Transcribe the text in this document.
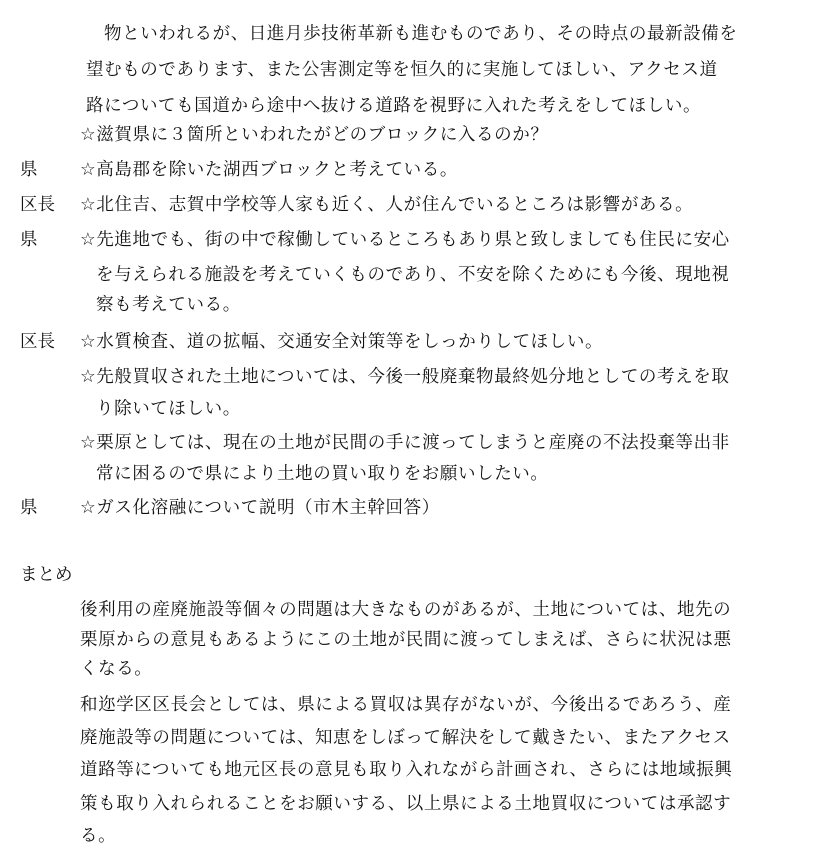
物といわれるが、日進月歩技術革新も進むものであり、その時点の最新設備を
望むものであります、また公害測定等を恒久的に実施してほしい、アクセス道
路についても国道から途中へ抜ける道路を視野に入れた考えをしてほしい。
☆滋賀県に３箇所といわれたがどのブロックに入るのか？
県 ☆高島郡を除いた湖西ブロックと考えている。
区長 ☆北住吉、志賀中学校等人家も近く、人が住んでいるところは影響がある。
県 ☆先進地でも、街の中で稼働しているところもあり県と致しましても住民に安心
を与えられる施設を考えていくものであり、不安を除くためにも今後、現地視
察も考えている。
区長 ☆水質検査、道の拡幅、交通安全対策等をしっかりしてほしい。
☆先般買収された土地については、今後一般廃棄物最終処分地としての考えを取
り除いてほしい。
☆栗原としては、現在の土地が民間の手に渡ってしまうと産廃の不法投棄等出非
常に困るので県により土地の買い取りをお願いしたい。
県 ☆ガス化溶融について説明（市木主幹回答）
まとめ
後利用の産廃施設等個々の問題は大きなものがあるが、土地については、地先の
栗原からの意見もあるようにこの土地が民間に渡ってしまえば、さらに状況は悪
くなる。
和迩学区区長会としては、県による買収は異存がないが、今後出るであろう、産
廃施設等の問題については、知恵をしぼって解決をして戴きたい、またアクセス
道路等についても地元区長の意見も取り入れながら計画され、さらには地域振興
策も取り入れられることをお願いする、以上県による土地買収については承認す
る。
